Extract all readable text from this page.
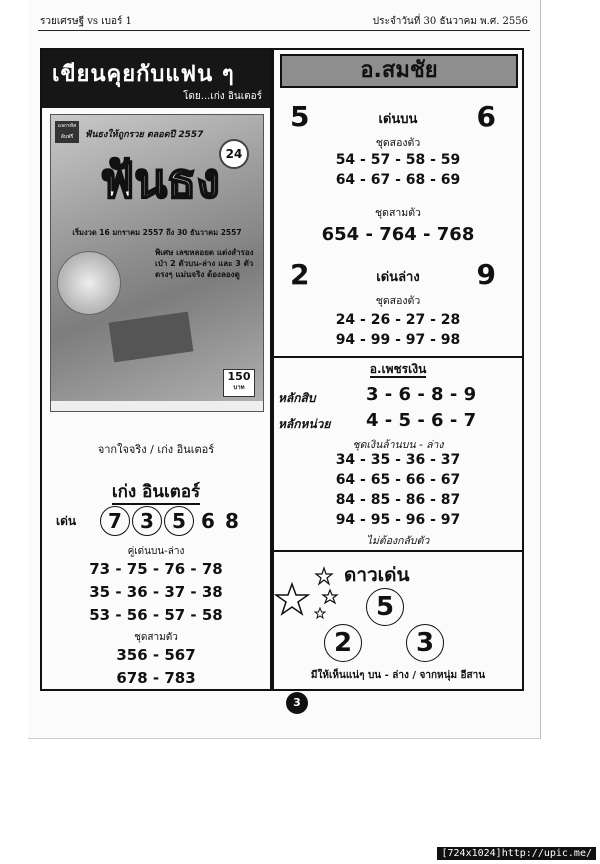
รวยเศรษฐี vs เบอร์ 1	ประจำวันที่ 30 ธันวาคม พ.ศ. 2556
เขียนคุยกับแฟน ๆ
โดย...เก่ง อินเตอร์
แจกรหัสลับฟรี	ฟันธงให้ถูกรวย ตลอดปี 2557
24
ฟันธง
เริ่มงวด 16 มกราคม 2557 ถึง 30 ธันวาคม 2557
พิเศษ เลขหลอยด แต่งสำรองเป่า 2 ตัวบน-ล่าง และ 3 ตัวตรงๆ แม่นจริง ต้องลองดู
150
บาท
จากใจจริง / เก่ง อินเตอร์
เก่ง อินเตอร์
เด่น	7 3 5 6 8
คู่เด่นบน-ล่าง
73 - 75 - 76 - 78
35 - 36 - 37 - 38
53 - 56 - 57 - 58
ชุดสามตัว
356 - 567
678 - 783
อ.สมชัย
5	เด่นบน	6
ชุดสองตัว
54 - 57 - 58 - 59
64 - 67 - 68 - 69
ชุดสามตัว
654 - 764 - 768
2	เด่นล่าง	9
ชุดสองตัว
24 - 26 - 27 - 28
94 - 99 - 97 - 98
อ.เพชรเงิน
หลักสิบ	3 - 6 - 8 - 9
หลักหน่วย 4 - 5 - 6 - 7
ชุดเงินล้านบน - ล่าง
34 - 35 - 36 - 37
64 - 65 - 66 - 67
84 - 85 - 86 - 87
94 - 95 - 96 - 97
ไม่ต้องกลับตัว
ดาวเด่น
5
2	3
มีให้เห็นแน่ๆ บน - ล่าง / จากหนุ่ม อีสาน
3
[724x1024]http://upic.me/
